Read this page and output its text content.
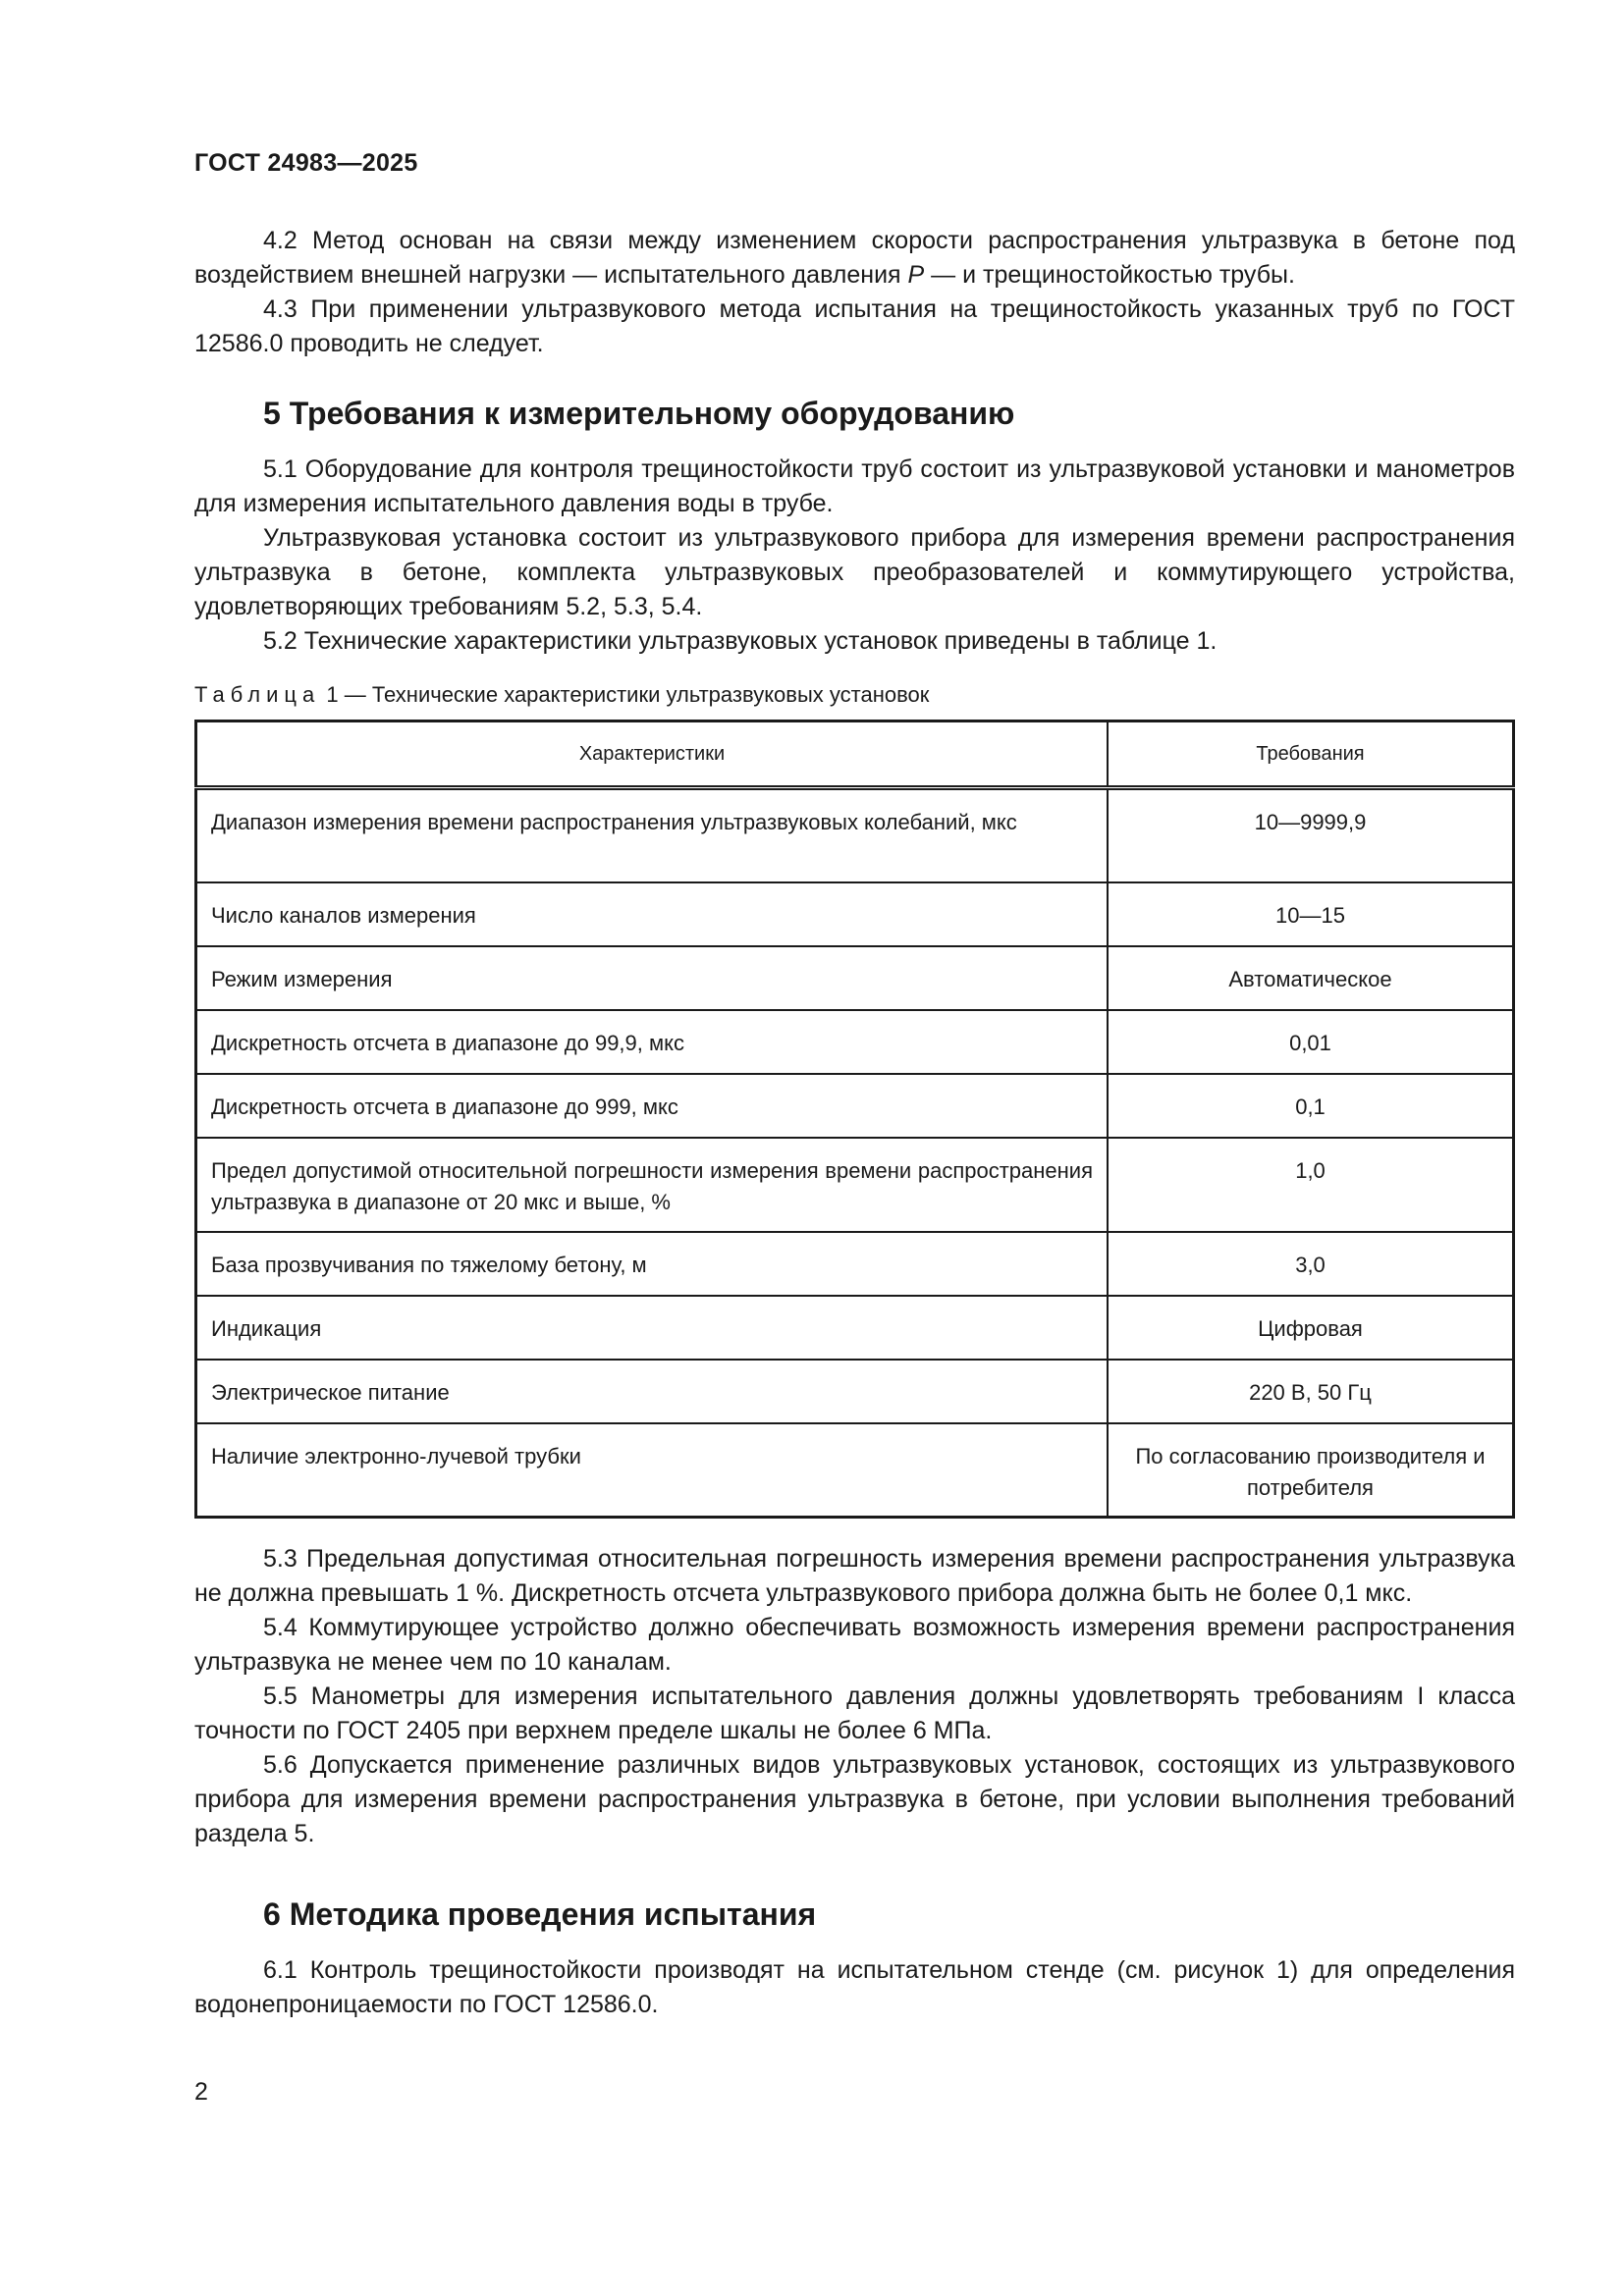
ГОСТ 24983—2025

4.2 Метод основан на связи между изменением скорости распространения ультразвука в бетоне под воздействием внешней нагрузки — испытательного давления P — и трещиностойкостью трубы.

4.3 При применении ультразвукового метода испытания на трещиностойкость указанных труб по ГОСТ 12586.0 проводить не следует.

5 Требования к измерительному оборудованию

5.1 Оборудование для контроля трещиностойкости труб состоит из ультразвуковой установки и манометров для измерения испытательного давления воды в трубе.

Ультразвуковая установка состоит из ультразвукового прибора для измерения времени распространения ультразвука в бетоне, комплекта ультразвуковых преобразователей и коммутирующего устройства, удовлетворяющих требованиям 5.2, 5.3, 5.4.

5.2 Технические характеристики ультразвуковых установок приведены в таблице 1.

Таблица 1 — Технические характеристики ультразвуковых установок
Характеристики	Требования
Диапазон измерения времени распространения ультразвуковых колебаний, мкс	10—9999,9
Число каналов измерения	10—15
Режим измерения	Автоматическое
Дискретность отсчета в диапазоне до 99,9, мкс	0,01
Дискретность отсчета в диапазоне до 999, мкс	0,1
Предел допустимой относительной погрешности измерения времени распространения ультразвука в диапазоне от 20 мкс и выше, %	1,0
База прозвучивания по тяжелому бетону, м	3,0
Индикация	Цифровая
Электрическое питание	220 В, 50 Гц
Наличие электронно-лучевой трубки	По согласованию производителя и потребителя

5.3 Предельная допустимая относительная погрешность измерения времени распространения ультразвука не должна превышать 1 %. Дискретность отсчета ультразвукового прибора должна быть не более 0,1 мкс.

5.4 Коммутирующее устройство должно обеспечивать возможность измерения времени распространения ультразвука не менее чем по 10 каналам.

5.5 Манометры для измерения испытательного давления должны удовлетворять требованиям I класса точности по ГОСТ 2405 при верхнем пределе шкалы не более 6 МПа.

5.6 Допускается применение различных видов ультразвуковых установок, состоящих из ультразвукового прибора для измерения времени распространения ультразвука в бетоне, при условии выполнения требований раздела 5.

6 Методика проведения испытания

6.1 Контроль трещиностойкости производят на испытательном стенде (см. рисунок 1) для определения водонепроницаемости по ГОСТ 12586.0.

2
